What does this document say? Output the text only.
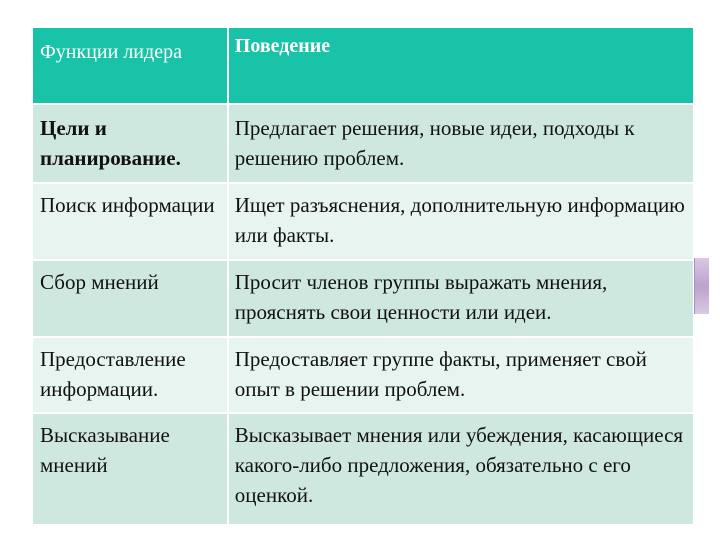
Функции лидера	Поведение
Цели и планирование.	Предлагает решения, новые идеи, подходы к решению проблем.
Поиск информации	Ищет разъяснения, дополнительную информацию или факты.
Сбор мнений	Просит членов группы выражать мнения, прояснять свои ценности или идеи.
Предоставление информации.	Предоставляет группе факты, применяет свой опыт в решении проблем.
Высказывание мнений	Высказывает мнения или убеждения, касающиеся какого-либо предложения, обязательно с его оценкой.
